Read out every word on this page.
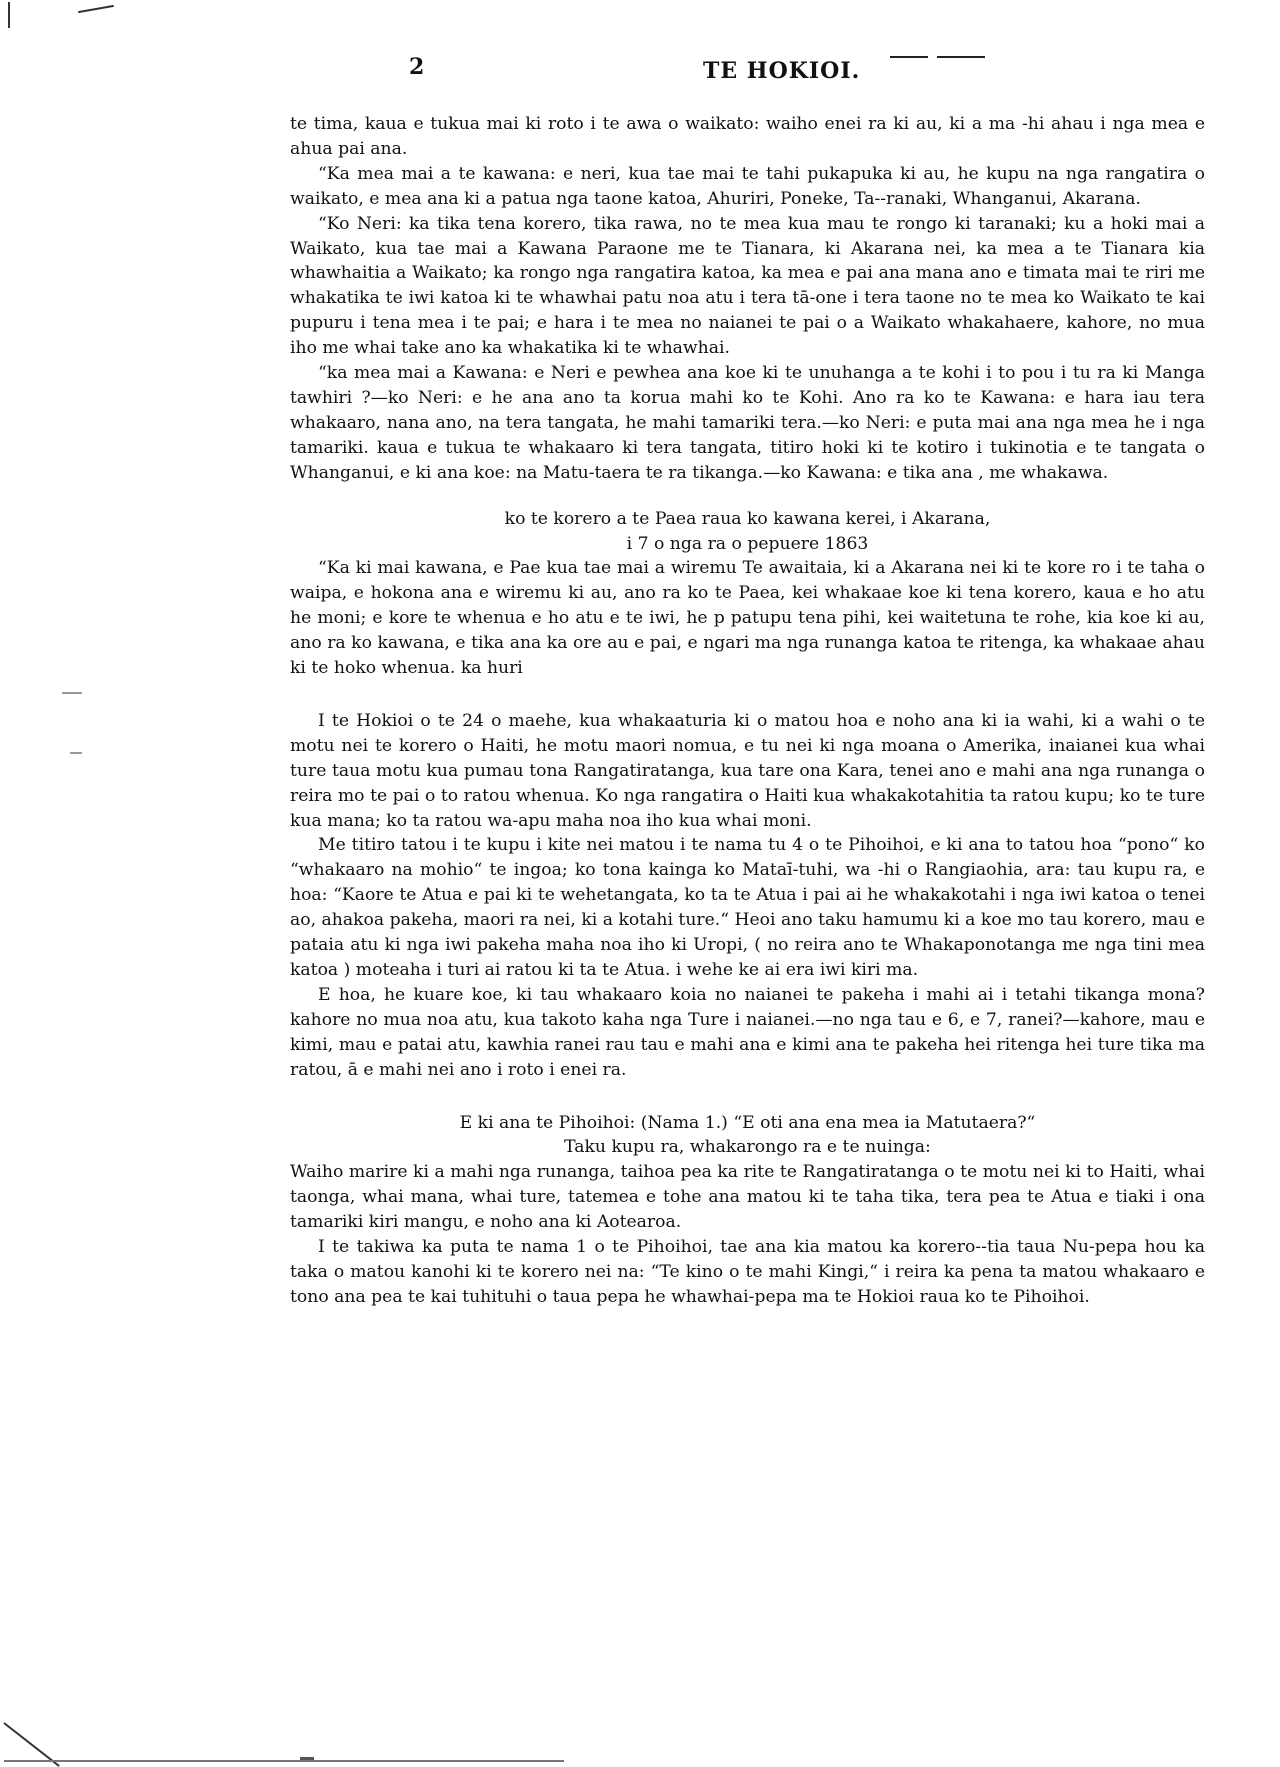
2	TE HOKIOI.

te tima, kaua e tukua mai ki roto i te awa o waikato: waiho enei ra ki au, ki a ma -hi ahau i nga mea e ahua pai ana.

“Ka mea mai a te kawana: e neri, kua tae mai te tahi pukapuka ki au, he kupu na nga rangatira o waikato, e mea ana ki a patua nga taone katoa, Ahuriri, Poneke, Ta--ranaki, Whanganui, Akarana.

“Ko Neri: ka tika tena korero, tika rawa, no te mea kua mau te rongo ki taranaki; ku a hoki mai a Waikato, kua tae mai a Kawana Paraone me te Tianara, ki Akarana nei, ka mea a te Tianara kia whawhaitia a Waikato; ka rongo nga rangatira katoa, ka mea e pai ana mana ano e timata mai te riri me whakatika te iwi katoa ki te whawhai patu noa atu i tera tā-one i tera taone no te mea ko Waikato te kai pupuru i tena mea i te pai; e hara i te mea no naianei te pai o a Waikato whakahaere, kahore, no mua iho me whai take ano ka whakatika ki te whawhai.

“ka mea mai a Kawana: e Neri e pewhea ana koe ki te unuhanga a te kohi i to pou i tu ra ki Manga tawhiri ?—ko Neri: e he ana ano ta korua mahi ko te Kohi. Ano ra ko te Kawana: e hara iau tera whakaaro, nana ano, na tera tangata, he mahi tamariki tera.—ko Neri: e puta mai ana nga mea he i nga tamariki. kaua e tukua te whakaaro ki tera tangata, titiro hoki ki te kotiro i tukinotia e te tangata o Whanganui, e ki ana koe: na Matu-taera te ra tikanga.—ko Kawana: e tika ana , me whakawa.

ko te korero a te Paea raua ko kawana kerei, i Akarana,

i 7 o nga ra o pepuere 1863

“Ka ki mai kawana, e Pae kua tae mai a wiremu Te awaitaia, ki a Akarana nei ki te kore ro i te taha o waipa, e hokona ana e wiremu ki au, ano ra ko te Paea, kei whakaae koe ki tena korero, kaua e ho atu he moni; e kore te whenua e ho atu e te iwi, he p patupu tena pihi, kei waitetuna te rohe, kia koe ki au, ano ra ko kawana, e tika ana ka ore au e pai, e ngari ma nga runanga katoa te ritenga, ka whakaae ahau ki te hoko whenua. ka huri

I te Hokioi o te 24 o maehe, kua whakaaturia ki o matou hoa e noho ana ki ia wahi, ki a wahi o te motu nei te korero o Haiti, he motu maori nomua, e tu nei ki nga moana o Amerika, inaianei kua whai ture taua motu kua pumau tona Rangatiratanga, kua tare ona Kara, tenei ano e mahi ana nga runanga o reira mo te pai o to ratou whenua. Ko nga rangatira o Haiti kua whakakotahitia ta ratou kupu; ko te ture kua mana; ko ta ratou wa-apu maha noa iho kua whai moni.

Me titiro tatou i te kupu i kite nei matou i te nama tu 4 o te Pihoihoi, e ki ana to tatou hoa “pono“ ko “whakaaro na mohio“ te ingoa; ko tona kainga ko Mataī-tuhi, wa -hi o Rangiaohia, ara: tau kupu ra, e hoa: “Kaore te Atua e pai ki te wehetangata, ko ta te Atua i pai ai he whakakotahi i nga iwi katoa o tenei ao, ahakoa pakeha, maori ra nei, ki a kotahi ture.“ Heoi ano taku hamumu ki a koe mo tau korero, mau e pataia atu ki nga iwi pakeha maha noa iho ki Uropi, ( no reira ano te Whakaponotanga me nga tini mea katoa ) moteaha i turi ai ratou ki ta te Atua. i wehe ke ai era iwi kiri ma.

E hoa, he kuare koe, ki tau whakaaro koia no naianei te pakeha i mahi ai i tetahi tikanga mona? kahore no mua noa atu, kua takoto kaha nga Ture i naianei.—no nga tau e 6, e 7, ranei?—kahore, mau e kimi, mau e patai atu, kawhia ranei rau tau e mahi ana e kimi ana te pakeha hei ritenga hei ture tika ma ratou, ā e mahi nei ano i roto i enei ra.

E ki ana te Pihoihoi: (Nama 1.) “E oti ana ena mea ia Matutaera?“

Taku kupu ra, whakarongo ra e te nuinga:

Waiho marire ki a mahi nga runanga, taihoa pea ka rite te Rangatiratanga o te motu nei ki to Haiti, whai taonga, whai mana, whai ture, tatemea e tohe ana matou ki te taha tika, tera pea te Atua e tiaki i ona tamariki kiri mangu, e noho ana ki Aotearoa.

I te takiwa ka puta te nama 1 o te Pihoihoi, tae ana kia matou ka korero--tia taua Nu-pepa hou ka taka o matou kanohi ki te korero nei na: “Te kino o te mahi Kingi,“ i reira ka pena ta matou whakaaro e tono ana pea te kai tuhituhi o taua pepa he whawhai-pepa ma te Hokioi raua ko te Pihoihoi.
